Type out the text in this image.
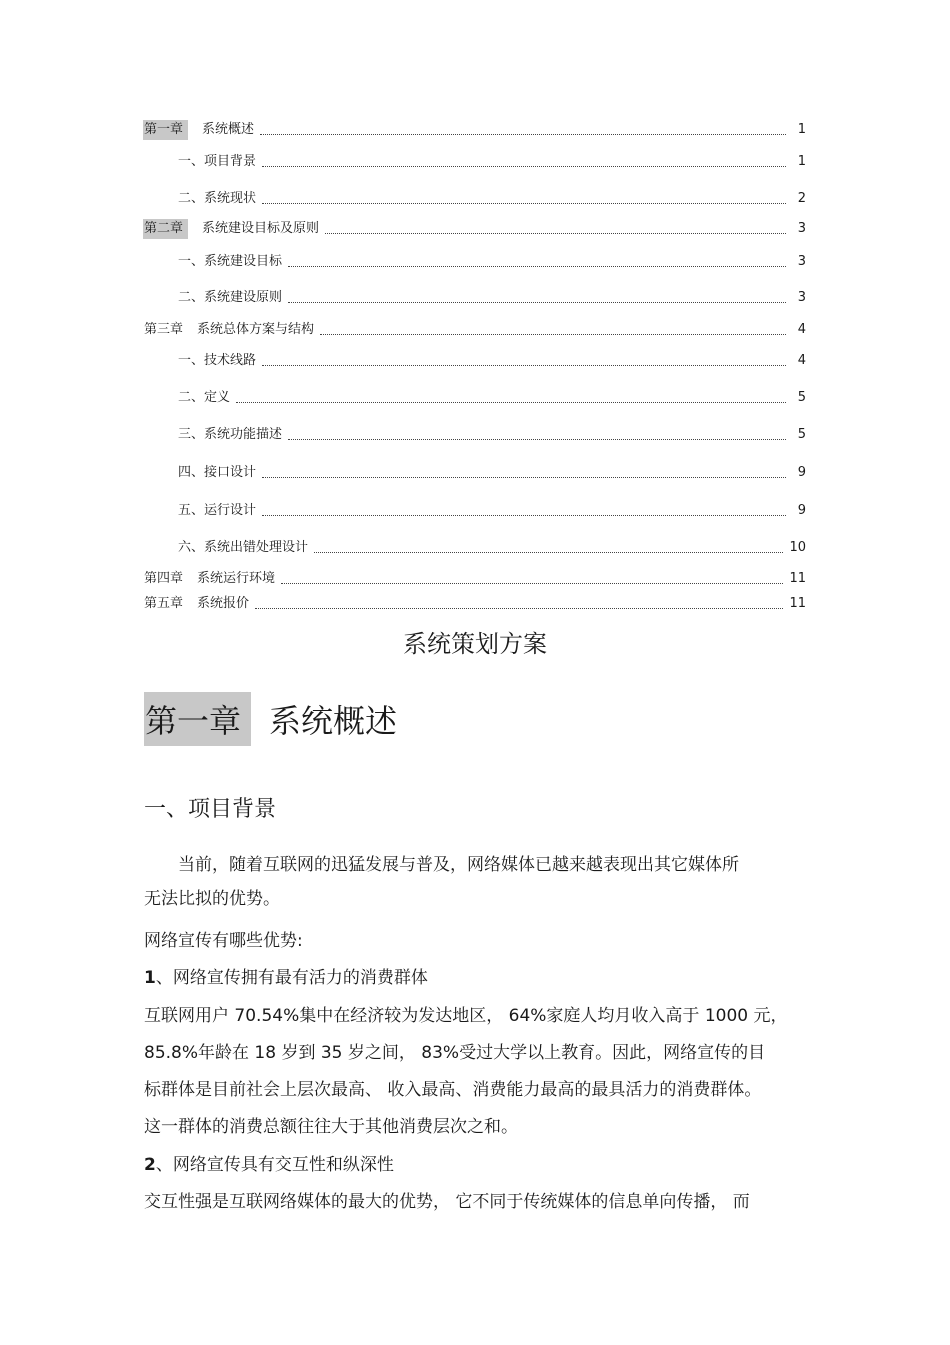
第一章	系统概述	1
一、项目背景	1
二、系统现状	2
第二章	系统建设目标及原则	3
一、系统建设目标	3
二、系统建设原则	3
第三章 系统总体方案与结构	4
一、技术线路	4
二、定义	5
三、系统功能描述	5
四、接口设计	9
五、运行设计	9
六、系统出错处理设计	10
第四章 系统运行环境	11
第五章 系统报价	11
系统策划方案
第一章 系统概述
一、项目背景
当前，随着互联网的迅猛发展与普及，网络媒体已越来越表现出其它媒体所
无法比拟的优势。
网络宣传有哪些优势:
1、网络宣传拥有最有活力的消费群体
互联网用户 70.54%集中在经济较为发达地区， 64%家庭人均月收入高于 1000 元，
85.8%年龄在 18 岁到 35 岁之间， 83%受过大学以上教育。因此，网络宣传的目
标群体是目前社会上层次最高、 收入最高、消费能力最高的最具活力的消费群体。
这一群体的消费总额往往大于其他消费层次之和。
2、网络宣传具有交互性和纵深性
交互性强是互联网络媒体的最大的优势， 它不同于传统媒体的信息单向传播， 而
